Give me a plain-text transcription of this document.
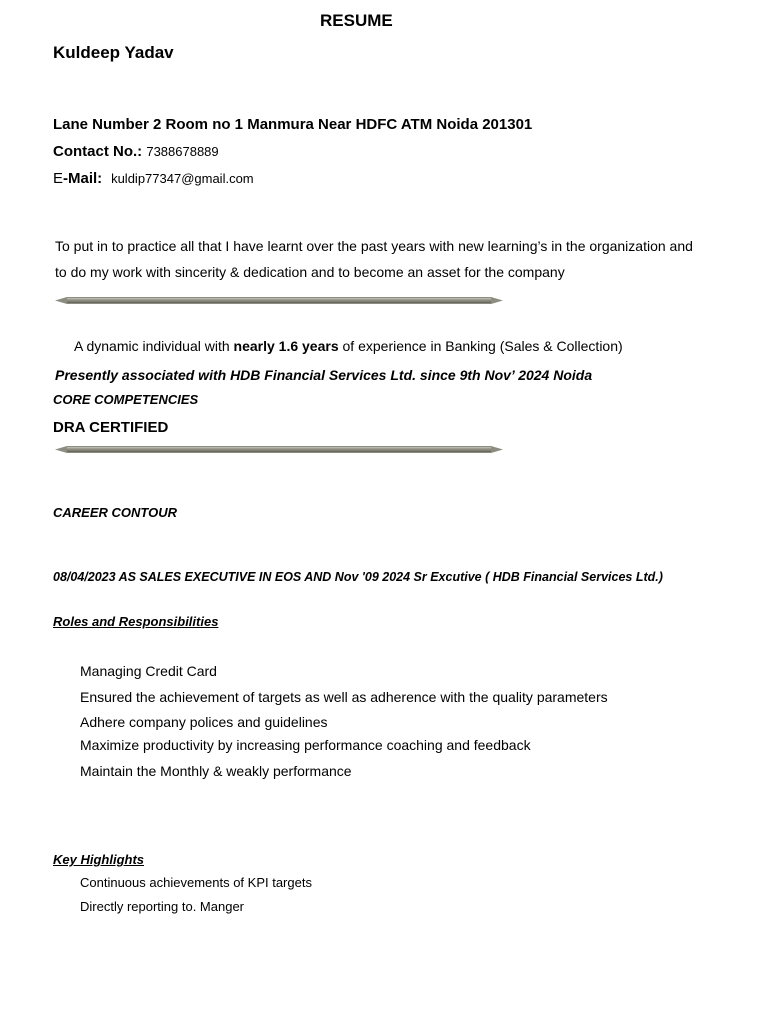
RESUME
Kuldeep Yadav
Lane Number 2 Room no 1 Manmura Near HDFC ATM Noida 201301
Contact No.: 7388678889
E-Mail: kuldip77347@gmail.com
To put in to practice all that I have learnt over the past years with new learning’s in the organization and
to do my work with sincerity & dedication and to become an asset for the company
A dynamic individual with nearly 1.6 years of experience in Banking (Sales & Collection)
Presently associated with HDB Financial Services Ltd. since 9th Nov’ 2024 Noida
CORE COMPETENCIES
DRA CERTIFIED
CAREER CONTOUR
08/04/2023 AS SALES EXECUTIVE IN EOS AND Nov '09 2024 Sr Excutive ( HDB Financial Services Ltd.)
Roles and Responsibilities
Managing Credit Card
Ensured the achievement of targets as well as adherence with the quality parameters
Adhere company polices and guidelines
Maximize productivity by increasing performance coaching and feedback
Maintain the Monthly & weakly performance
Key Highlights
Continuous achievements of KPI targets
Directly reporting to. Manger
